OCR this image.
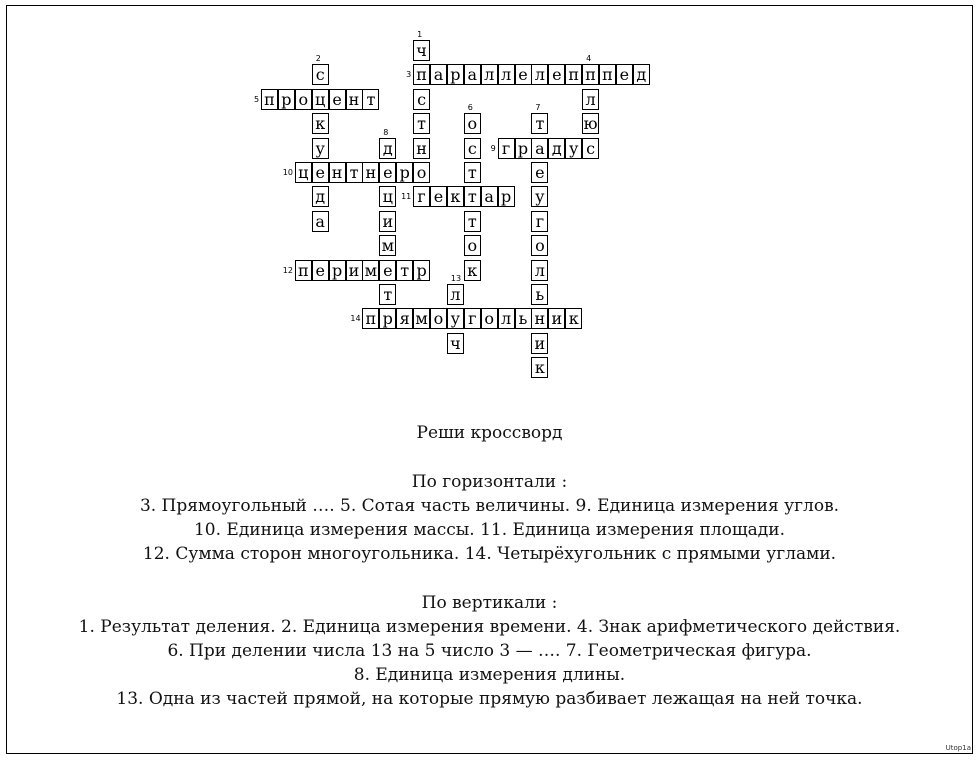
ч
п
с
т
н
о
г
с
ц
к
у
е
д
а
а р а л л е л е п п п е д
л
ю
с
п р о е н т
о
с
т
т
т
о
к
т
а
е
у
г
о
л
ь
н
и
к
д
е
ц
и
м
е
т
р
г р д у
ц н т н р
е к а р
п е р и м т р
л
у
ч
п я м о г о л ь и к
1
2
3
4
5
6	7
8
9
10
11
12
13
14
Реши кроссворд
По горизонтали :
3. Прямоугольный …. 5. Сотая часть величины. 9. Единица измерения углов.
10. Единица измерения массы. 11. Единица измерения площади.
12. Сумма сторон многоугольника. 14. Четырёхугольник с прямыми углами.
По вертикали :
1. Результат деления. 2. Единица измерения времени. 4. Знак арифметического действия.
6. При делении числа 13 на 5 число 3 — …. 7. Геометрическая фигура.
8. Единица измерения длины.
13. Одна из частей прямой, на которые прямую разбивает лежащая на ней точка.
Utop1a
